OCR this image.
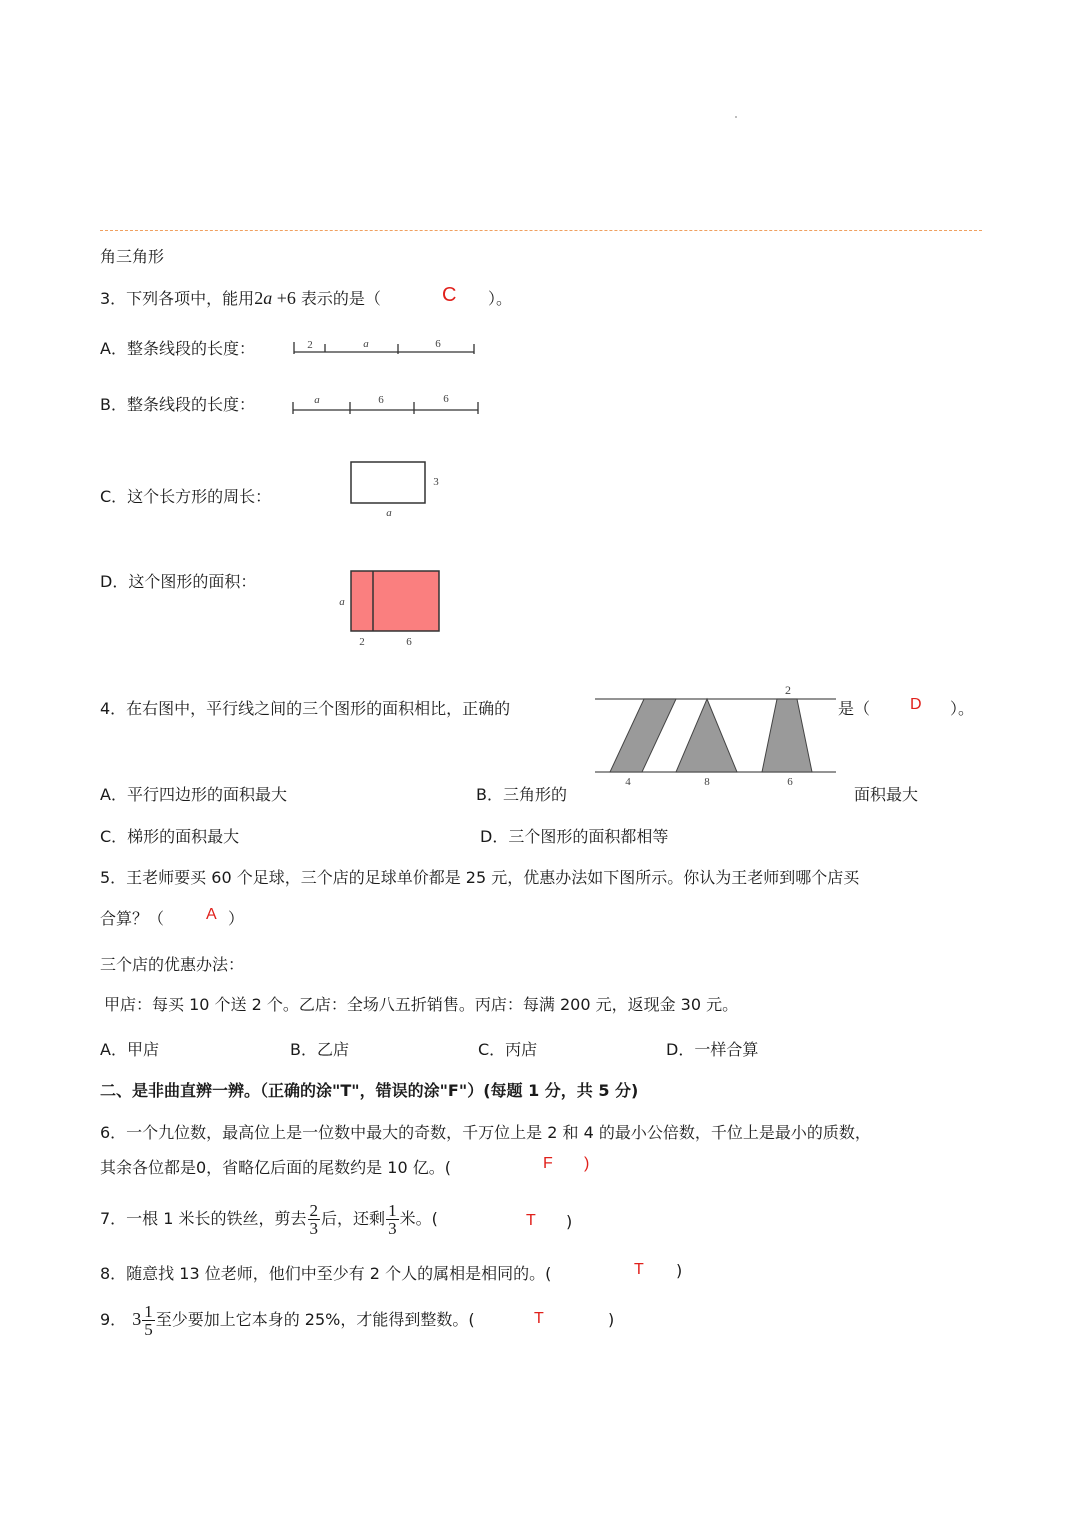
角三角形
3．下列各项中，能用2a +6 表示的是（	C ）。
A．整条线段的长度：	2	a	6
B．整条线段的长度：	a	6	6
C．这个长方形的周长：
3
a
D．这个图形的面积：
a
2	6
4．在右图中，平行线之间的三个图形的面积相比，正确的
2
4	8	6
是（ D ）。
A．平行四边形的面积最大	B．三角形的	面积最大
C．梯形的面积最大	D．三个图形的面积都相等
5．王老师要买 60 个足球，三个店的足球单价都是 25 元，优惠办法如下图所示。你认为王老师到哪个店买
合算？（	A ）
三个店的优惠办法：
甲店：每买 10 个送 2 个。乙店：全场八五折销售。丙店：每满 200 元，返现金 30 元。
A．甲店	B．乙店	C．丙店	D．一样合算
二、是非曲直辨一辨。（正确的涂"T"，错误的涂"F"）(每题 1 分，共 5 分)
6．一个九位数，最高位上是一位数中最大的奇数，千万位上是 2 和 4 的最小公倍数，千位上是最小的质数，
其余各位都是0，省略亿后面的尾数约是 10 亿。(	F )
7．一根 1 米长的铁丝，剪去 $\frac{2}{3}$ 后，还剩 $\frac{1}{3}$ 米。(	T )
8．随意找 13 位老师，他们中至少有 2 个人的属相是相同的。(	T )
9． $3 \frac{1}{5}$ 至少要加上它本身的 25%，才能得到整数。(	T	)
